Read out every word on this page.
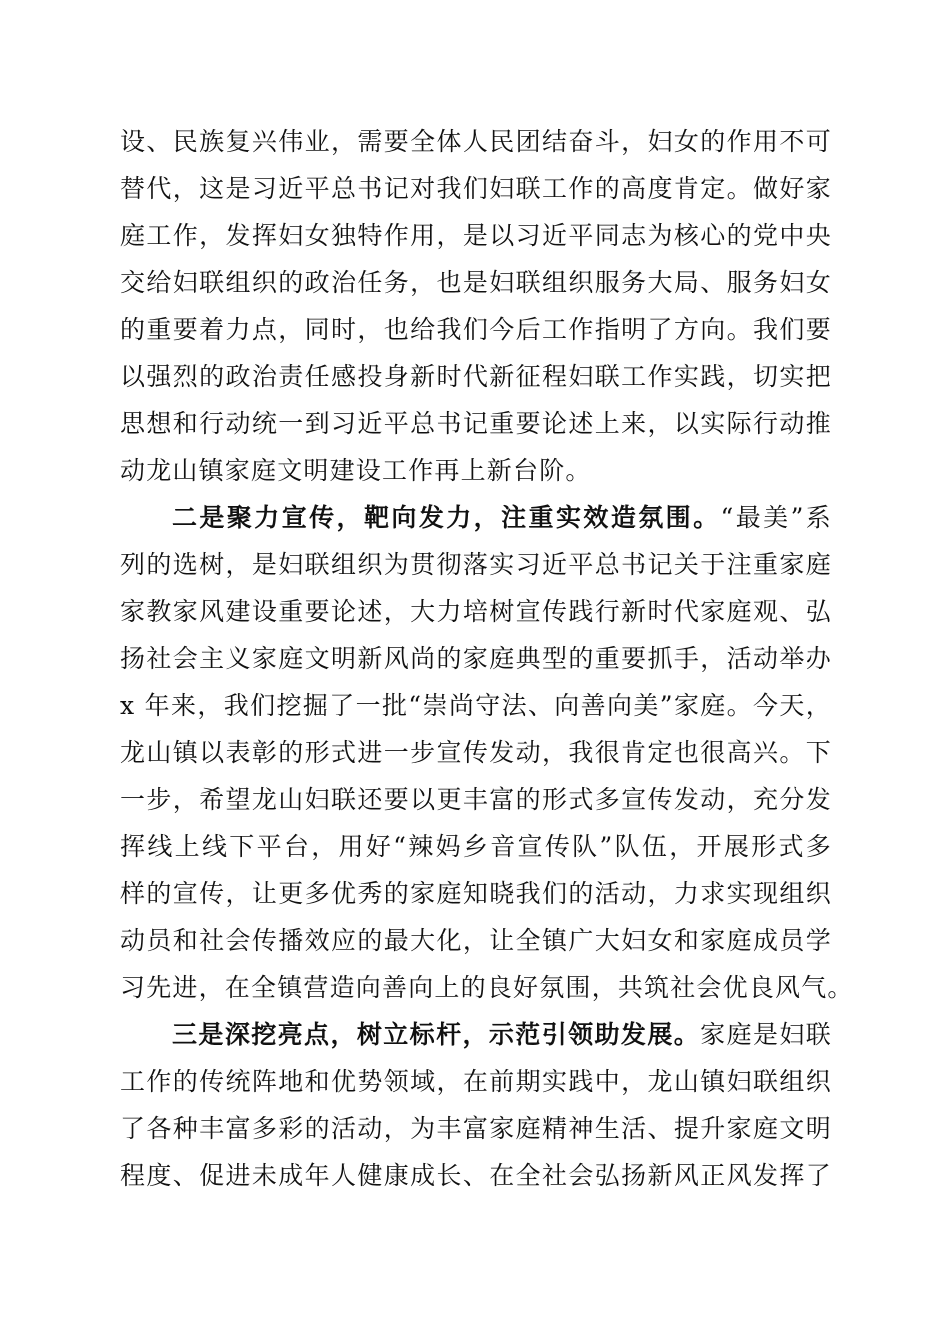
设、民族复兴伟业，需要全体人民团结奋斗，妇女的作用不可
替代，这是习近平总书记对我们妇联工作的高度肯定。做好家
庭工作，发挥妇女独特作用，是以习近平同志为核心的党中央
交给妇联组织的政治任务，也是妇联组织服务大局、服务妇女
的重要着力点，同时，也给我们今后工作指明了方向。我们要
以强烈的政治责任感投身新时代新征程妇联工作实践，切实把
思想和行动统一到习近平总书记重要论述上来，以实际行动推
动龙山镇家庭文明建设工作再上新台阶。
二是聚力宣传，靶向发力，注重实效造氛围。“最美”系
列的选树，是妇联组织为贯彻落实习近平总书记关于注重家庭
家教家风建设重要论述，大力培树宣传践行新时代家庭观、弘
扬社会主义家庭文明新风尚的家庭典型的重要抓手，活动举办
x 年来，我们挖掘了一批“崇尚守法、向善向美”家庭。今天，
龙山镇以表彰的形式进一步宣传发动，我很肯定也很高兴。下
一步，希望龙山妇联还要以更丰富的形式多宣传发动，充分发
挥线上线下平台，用好“辣妈乡音宣传队”队伍，开展形式多
样的宣传，让更多优秀的家庭知晓我们的活动，力求实现组织
动员和社会传播效应的最大化，让全镇广大妇女和家庭成员学
习先进，在全镇营造向善向上的良好氛围，共筑社会优良风气。
三是深挖亮点，树立标杆，示范引领助发展。家庭是妇联
工作的传统阵地和优势领域，在前期实践中，龙山镇妇联组织
了各种丰富多彩的活动，为丰富家庭精神生活、提升家庭文明
程度、促进未成年人健康成长、在全社会弘扬新风正风发挥了
